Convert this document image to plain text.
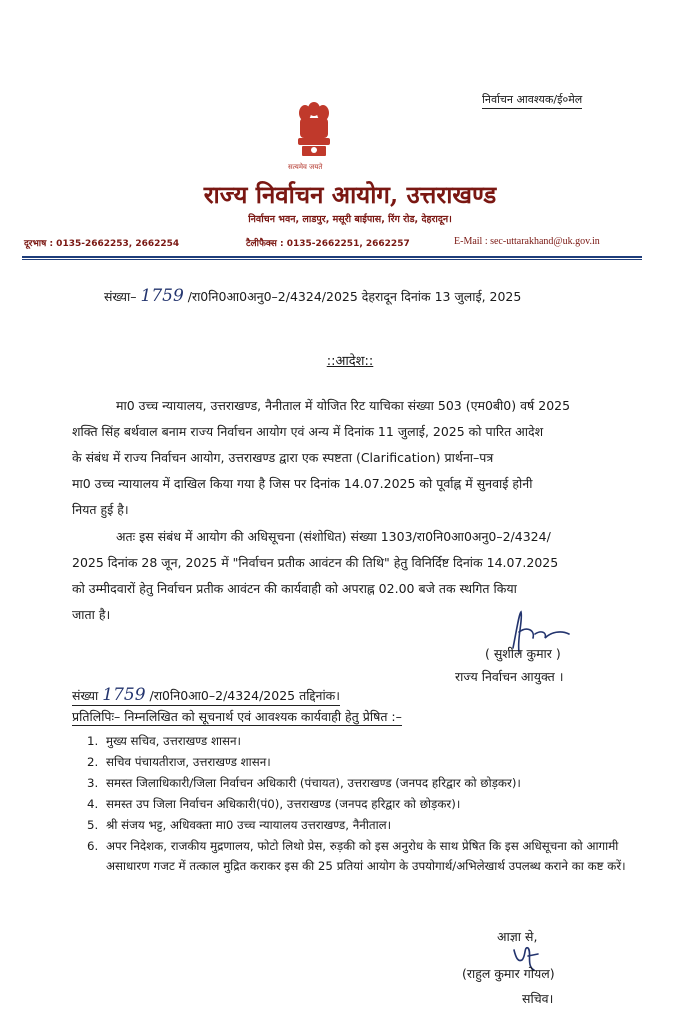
निर्वाचन आवश्यक/ई०मेल
सत्यमेव जयते
राज्य निर्वाचन आयोग, उत्तराखण्ड
निर्वाचन भवन, लाडपुर, मसूरी बाईपास, रिंग रोड, देहरादून।
दूरभाष : 0135-2662253, 2662254	टैलीफैक्स : 0135-2662251, 2662257	E-Mail : sec-uttarakhand@uk.gov.in
संख्या– 1759 /रा0नि0आ0अनु0–2/4324/2025 देहरादून दिनांक 13 जुलाई, 2025
::आदेश::
मा0 उच्च न्यायालय, उत्तराखण्ड, नैनीताल में योजित रिट याचिका संख्या 503 (एम0बी0) वर्ष 2025
शक्ति सिंह बर्थवाल बनाम राज्य निर्वाचन आयोग एवं अन्य में दिनांक 11 जुलाई, 2025 को पारित आदेश
के संबंध में राज्य निर्वाचन आयोग, उत्तराखण्ड द्वारा एक स्पष्टता (Clarification) प्रार्थना–पत्र
मा0 उच्च न्यायालय में दाखिल किया गया है जिस पर दिनांक 14.07.2025 को पूर्वाह्न में सुनवाई होनी
नियत हुई है।
अतः इस संबंध में आयोग की अधिसूचना (संशोधित) संख्या 1303/रा0नि0आ0अनु0–2/4324/
2025 दिनांक 28 जून, 2025 में "निर्वाचन प्रतीक आवंटन की तिथि" हेतु विनिर्दिष्ट दिनांक 14.07.2025
को उम्मीदवारों हेतु निर्वाचन प्रतीक आवंटन की कार्यवाही को अपराह्न 02.00 बजे तक स्थगित किया
जाता है।
( सुशील कुमार )
राज्य निर्वाचन आयुक्त ।
संख्या 1759 /रा0नि0आ0–2/4324/2025 तद्दिनांक।
प्रतिलिपिः– निम्नलिखित को सूचनार्थ एवं आवश्यक कार्यवाही हेतु प्रेषित :–
1. मुख्य सचिव, उत्तराखण्ड शासन।
2. सचिव पंचायतीराज, उत्तराखण्ड शासन।
3. समस्त जिलाधिकारी/जिला निर्वाचन अधिकारी (पंचायत), उत्तराखण्ड (जनपद हरिद्वार को छोड़कर)।
4. समस्त उप जिला निर्वाचन अधिकारी(पं0), उत्तराखण्ड (जनपद हरिद्वार को छोड़कर)।
5. श्री संजय भट्ट, अधिवक्ता मा0 उच्च न्यायालय उत्तराखण्ड, नैनीताल।
6. अपर निदेशक, राजकीय मुद्रणालय, फोटो लिथो प्रेस, रुड़की को इस अनुरोध के साथ प्रेषित कि इस अधिसूचना को आगामी असाधारण गजट में तत्काल मुद्रित कराकर इस की 25 प्रतियां आयोग के उपयोगार्थ/अभिलेखार्थ उपलब्ध कराने का कष्ट करें।
आज्ञा से,
(राहुल कुमार गोयल)
सचिव।
